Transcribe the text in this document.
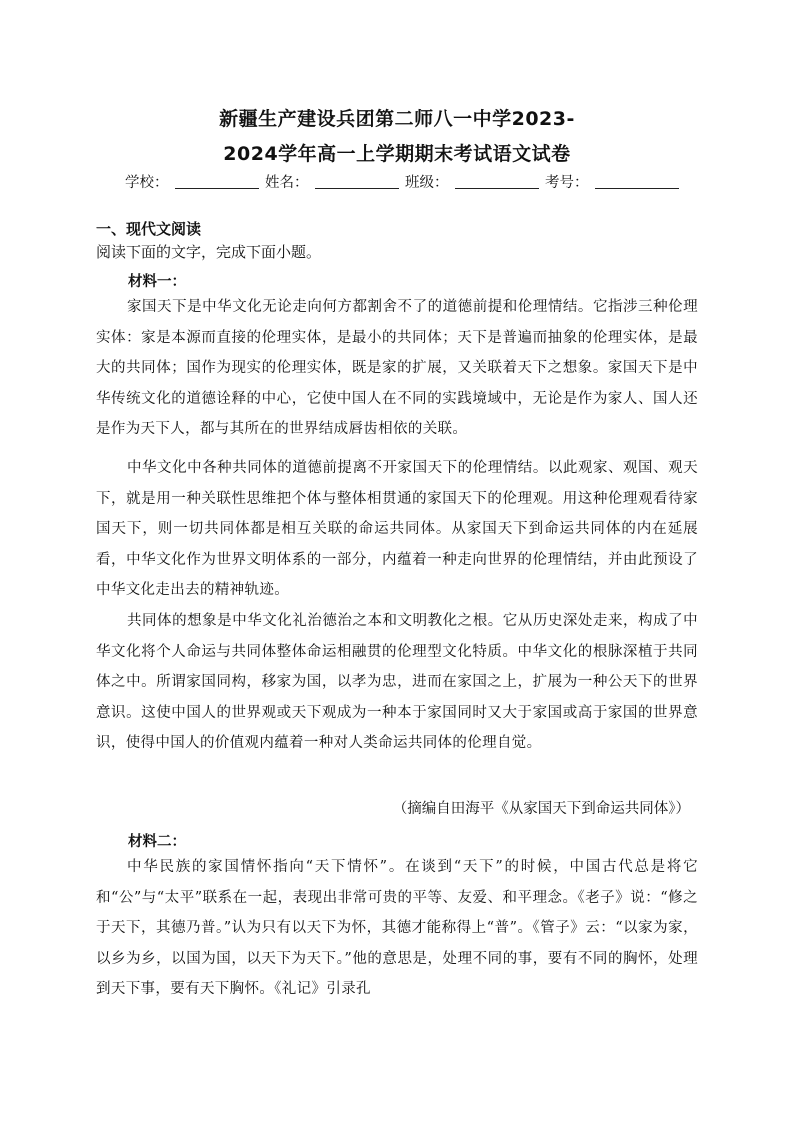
新疆生产建设兵团第二师八一中学2023-
2024学年高一上学期期末考试语文试卷
学校：	姓名：	班级：	考号：
一、现代文阅读
阅读下面的文字，完成下面小题。
材料一：

家国天下是中华文化无论走向何方都割舍不了的道德前提和伦理情结。它指涉三种伦理实体：家是本源而直接的伦理实体，是最小的共同体；天下是普遍而抽象的伦理实体，是最大的共同体；国作为现实的伦理实体，既是家的扩展，又关联着天下之想象。家国天下是中华传统文化的道德诠释的中心，它使中国人在不同的实践境域中，无论是作为家人、国人还是作为天下人，都与其所在的世界结成唇齿相依的关联。

中华文化中各种共同体的道德前提离不开家国天下的伦理情结。以此观家、观国、观天下，就是用一种关联性思维把个体与整体相贯通的家国天下的伦理观。用这种伦理观看待家国天下，则一切共同体都是相互关联的命运共同体。从家国天下到命运共同体的内在延展看，中华文化作为世界文明体系的一部分，内蕴着一种走向世界的伦理情结，并由此预设了中华文化走出去的精神轨迹。

共同体的想象是中华文化礼治德治之本和文明教化之根。它从历史深处走来，构成了中华文化将个人命运与共同体整体命运相融贯的伦理型文化特质。中华文化的根脉深植于共同体之中。所谓家国同构，移家为国，以孝为忠，进而在家国之上，扩展为一种公天下的世界意识。这使中国人的世界观或天下观成为一种本于家国同时又大于家国或高于家国的世界意识，使得中国人的价值观内蕴着一种对人类命运共同体的伦理自觉。

（摘编自田海平《从家国天下到命运共同体》）
材料二：

中华民族的家国情怀指向“天下情怀”。在谈到“天下”的时候，中国古代总是将它和“公”与“太平”联系在一起，表现出非常可贵的平等、友爱、和平理念。《老子》说：“修之于天下，其德乃普。”认为只有以天下为怀，其德才能称得上“普”。《管子》云：“以家为家，以乡为乡，以国为国，以天下为天下。”他的意思是，处理不同的事，要有不同的胸怀，处理到天下事，要有天下胸怀。《礼记》引录孔
